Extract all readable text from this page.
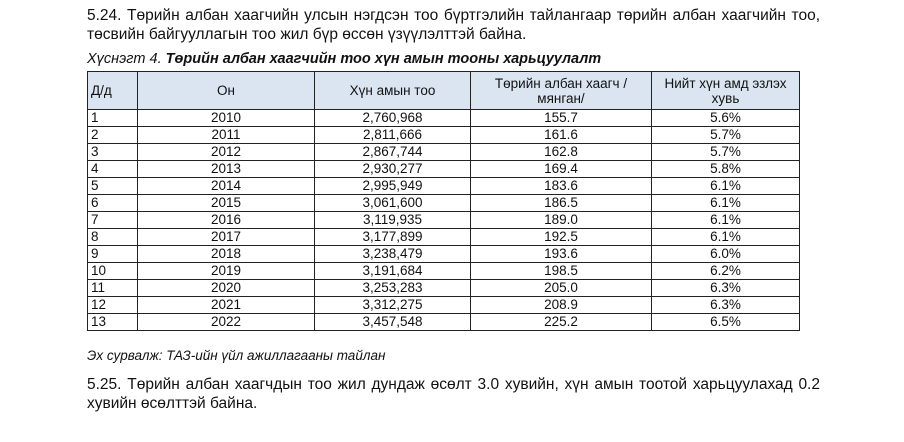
5.24. Төрийн албан хаагчийн улсын нэгдсэн тоо бүртгэлийн тайлангаар төрийн албан хаагчийн тоо, төсвийн байгууллагын тоо жил бүр өссөн үзүүлэлттэй байна.

Хүснэгт 4. Төрийн албан хаагчийн тоо хүн амын тооны харьцуулалт
Д/д	Он	Хүн амын тоо	Төрийн албан хаагч /мянган/	Нийт хүн амд эзлэх хувь
1	2010	2,760,968	155.7	5.6%
2	2011	2,811,666	161.6	5.7%
3	2012	2,867,744	162.8	5.7%
4	2013	2,930,277	169.4	5.8%
5	2014	2,995,949	183.6	6.1%
6	2015	3,061,600	186.5	6.1%
7	2016	3,119,935	189.0	6.1%
8	2017	3,177,899	192.5	6.1%
9	2018	3,238,479	193.6	6.0%
10	2019	3,191,684	198.5	6.2%
11	2020	3,253,283	205.0	6.3%
12	2021	3,312,275	208.9	6.3%
13	2022	3,457,548	225.2	6.5%
Эх сурвалж: ТАЗ-ийн үйл ажиллагааны тайлан

5.25. Төрийн албан хаагчдын тоо жил дундаж өсөлт 3.0 хувийн, хүн амын тоотой харьцуулахад 0.2 хувийн өсөлттэй байна.
